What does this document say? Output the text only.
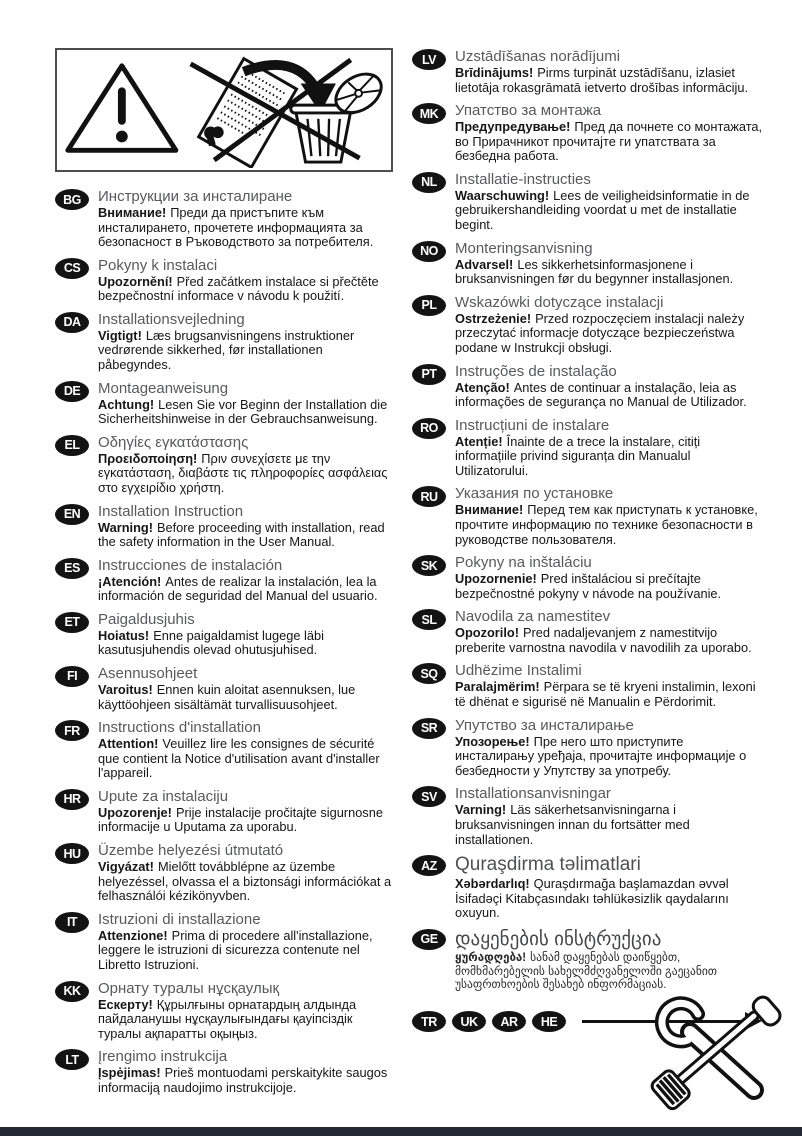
BG	Инструкции за инсталиране
Внимание! Преди да пристъпите към инсталирането, прочетете информацията за безопасност в Ръководството за потребителя.
CS	Pokyny k instalaci
Upozornění! Před začátkem instalace si přečtěte bezpečnostní informace v návodu k použití.
DA	Installationsvejledning
Vigtigt! Læs brugsanvisningens instruktioner vedrørende sikkerhed, før installationen påbegyndes.
DE	Montageanweisung
Achtung! Lesen Sie vor Beginn der Installation die Sicherheitshinweise in der Gebrauchsanweisung.
EL	Οδηγίες εγκατάστασης
Προειδοποίηση! Πριν συνεχίσετε με την εγκατάσταση, διαβάστε τις πληροφορίες ασφάλειας στο εγχειρίδιο χρήστη.
EN	Installation Instruction
Warning! Before proceeding with installation, read the safety information in the User Manual.
ES	Instrucciones de instalación
¡Atención! Antes de realizar la instalación, lea la información de seguridad del Manual del usuario.
ET	Paigaldusjuhis
Hoiatus! Enne paigaldamist lugege läbi kasutusjuhendis olevad ohutusjuhised.
FI	Asennusohjeet
Varoitus! Ennen kuin aloitat asennuksen, lue käyttöohjeen sisältämät turvallisuusohjeet.
FR	Instructions d'installation
Attention! Veuillez lire les consignes de sécurité que contient la Notice d'utilisation avant d'installer l'appareil.
HR	Upute za instalaciju
Upozorenje! Prije instalacije pročitajte sigurnosne informacije u Uputama za uporabu.
HU	Üzembe helyezési útmutató
Vigyázat! Mielőtt továbblépne az üzembe helyezéssel, olvassa el a biztonsági információkat a felhasználói kézikönyvben.
IT	Istruzioni di installazione
Attenzione! Prima di procedere all'installazione, leggere le istruzioni di sicurezza contenute nel Libretto Istruzioni.
KK	Орнату туралы нұсқаулық
Ескерту! Құрылғыны орнатардың алдында пайдаланушы нұсқаулығындағы қауіпсіздік туралы ақпаратты оқыңыз.
LT	Įrengimo instrukcija
Įspėjimas! Prieš montuodami perskaitykite saugos informaciją naudojimo instrukcijoje.
LV	Uzstādīšanas norādījumi
Brīdinājums! Pirms turpināt uzstādīšanu, izlasiet lietotāja rokasgrāmatā ietverto drošības informāciju.
MK	Упатство за монтажа
Предупредување! Пред да почнете со монтажата, во Прирачникот прочитајте ги упатствата за безбедна работа.
NL	Installatie-instructies
Waarschuwing! Lees de veiligheidsinformatie in de gebruikershandleiding voordat u met de installatie begint.
NO	Monteringsanvisning
Advarsel! Les sikkerhetsinformasjonene i bruksanvisningen før du begynner installasjonen.
PL	Wskazówki dotyczące instalacji
Ostrzeżenie! Przed rozpoczęciem instalacji należy przeczytać informacje dotyczące bezpieczeństwa podane w Instrukcji obsługi.
PT	Instruções de instalação
Atenção! Antes de continuar a instalação, leia as informações de segurança no Manual de Utilizador.
RO	Instrucțiuni de instalare
Atenție! Înainte de a trece la instalare, citiți informațiile privind siguranța din Manualul Utilizatorului.
RU	Указания по установке
Внимание! Перед тем как приступать к установке, прочтите информацию по технике безопасности в руководстве пользователя.
SK	Pokyny na inštaláciu
Upozornenie! Pred inštaláciou si prečítajte bezpečnostné pokyny v návode na používanie.
SL	Navodila za namestitev
Opozorilo! Pred nadaljevanjem z namestitvijo preberite varnostna navodila v navodilih za uporabo.
SQ	Udhëzime Instalimi
Paralajmërim! Përpara se të kryeni instalimin, lexoni të dhënat e sigurisë në Manualin e Përdorimit.
SR	Упутство за инсталирање
Упозорење! Пре него што приступите инсталирању уређаја, прочитајте информације о безбедности у Упутству за употребу.
SV	Installationsanvisningar
Varning! Läs säkerhetsanvisningarna i bruksanvisningen innan du fortsätter med installationen.
AZ Quraşdirma təlimatlari
Xəbərdarlıq! Quraşdırmağa başlamazdan əvvəl İsifadəçi Kitabçasındakı təhlükəsizlik qaydalarını oxuyun.
GE დაყენების ინსტრუქცია
ყურადღება! სანამ დაყენებას დაიწყებთ, მომხმარებელის სახელმძღვანელოში გაეცანით უსაფრთხოების შესახებ ინფორმაციას.
TR	UK	AR	HE
